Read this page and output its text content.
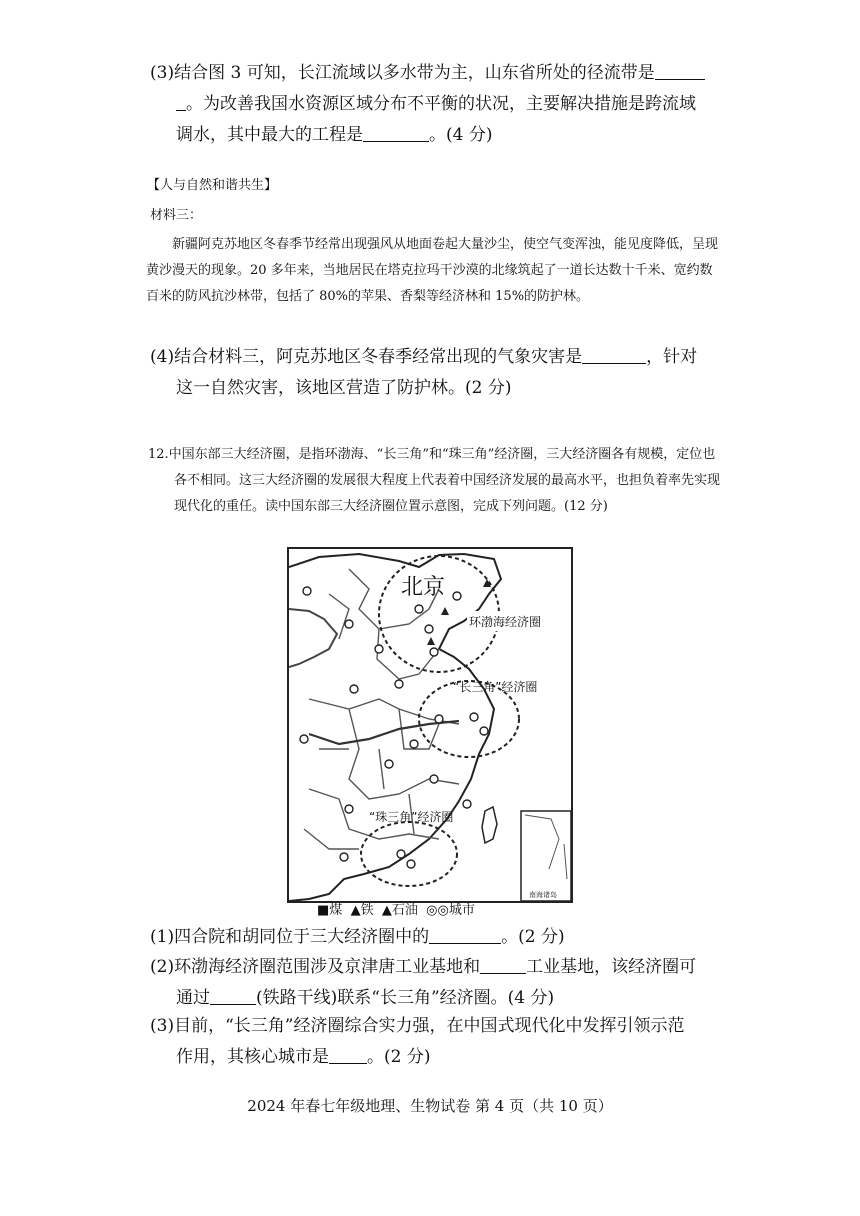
(3)结合图 3 可知，长江流域以多水带为主，山东省所处的径流带是
。为改善我国水资源区域分布不平衡的状况，主要解决措施是跨流域
调水，其中最大的工程是	。(4 分)
【人与自然和谐共生】
材料三：
新疆阿克苏地区冬春季节经常出现强风从地面卷起大量沙尘，使空气变浑浊，能见度降低，呈现黄沙漫天的现象。20 多年来，当地居民在塔克拉玛干沙漠的北缘筑起了一道长达数十千米、宽约数百米的防风抗沙林带，包括了 80%的苹果、香梨等经济林和 15%的防护林。
(4)结合材料三，阿克苏地区冬春季经常出现的气象灾害是	，针对
这一自然灾害，该地区营造了防护林。(2 分)
12.中国东部三大经济圈，是指环渤海、“长三角”和“珠三角”经济圈，三大经济圈各有规模，定位也各不相同。这三大经济圈的发展很大程度上代表着中国经济发展的最高水平，也担负着率先实现现代化的重任。读中国东部三大经济圈位置示意图，完成下列问题。(12 分)
南海诸岛
北京
环渤海经济圈
“长三角”经济圈
“珠三角”经济圈
■煤 ▲铁 ▲石油 ◎◎城市
(1)四合院和胡同位于三大经济圈中的	。(2 分)
(2)环渤海经济圈范围涉及京津唐工业基地和	工业基地，该经济圈可
通过	(铁路干线)联系“长三角”经济圈。(4 分)
(3)目前，“长三角”经济圈综合实力强，在中国式现代化中发挥引领示范
作用，其核心城市是 。(2 分)
2024 年春七年级地理、生物试卷 第 4 页（共 10 页）
